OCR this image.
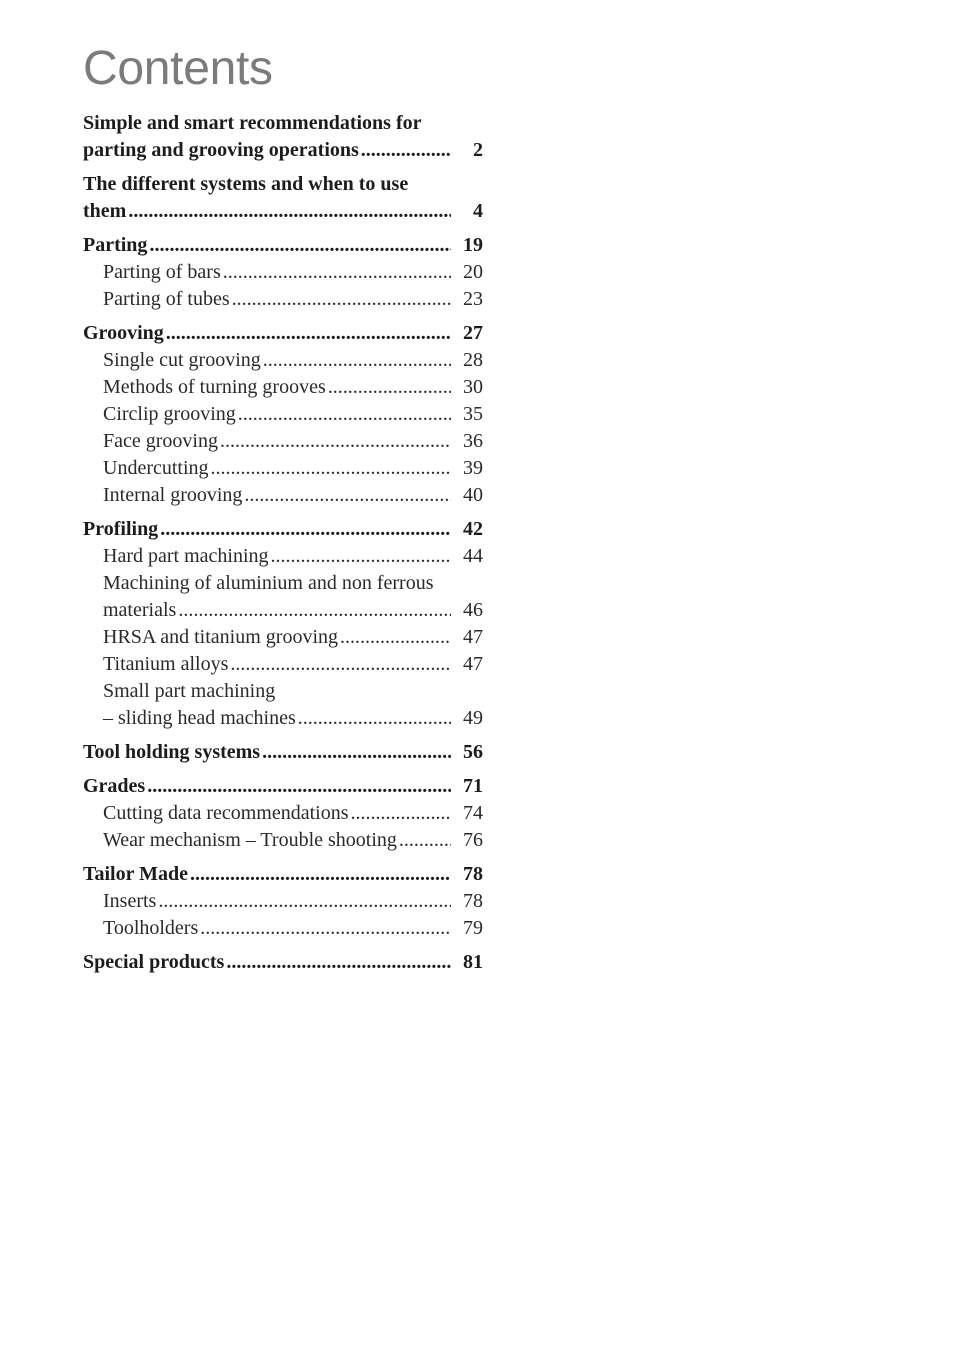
Contents
Simple and smart recommendations for
parting and grooving operations .....	2
The different systems and when to use
them .....	4
Parting .....	19
Parting of bars .....	20
Parting of tubes .....	23
Grooving .....	27
Single cut grooving .....	28
Methods of turning grooves .....	30
Circlip grooving .....	35
Face grooving .....	36
Undercutting .....	39
Internal grooving .....	40
Profiling .....	42
Hard part machining .....	44
Machining of aluminium and non ferrous
materials .....	46
HRSA and titanium grooving .....	47
Titanium alloys .....	47
Small part machining
– sliding head machines .....	49
Tool holding systems .....	56
Grades .....	71
Cutting data recommendations .....	74
Wear mechanism – Trouble shooting .....	76
Tailor Made .....	78
Inserts .....	78
Toolholders .....	79
Special products .....	81
